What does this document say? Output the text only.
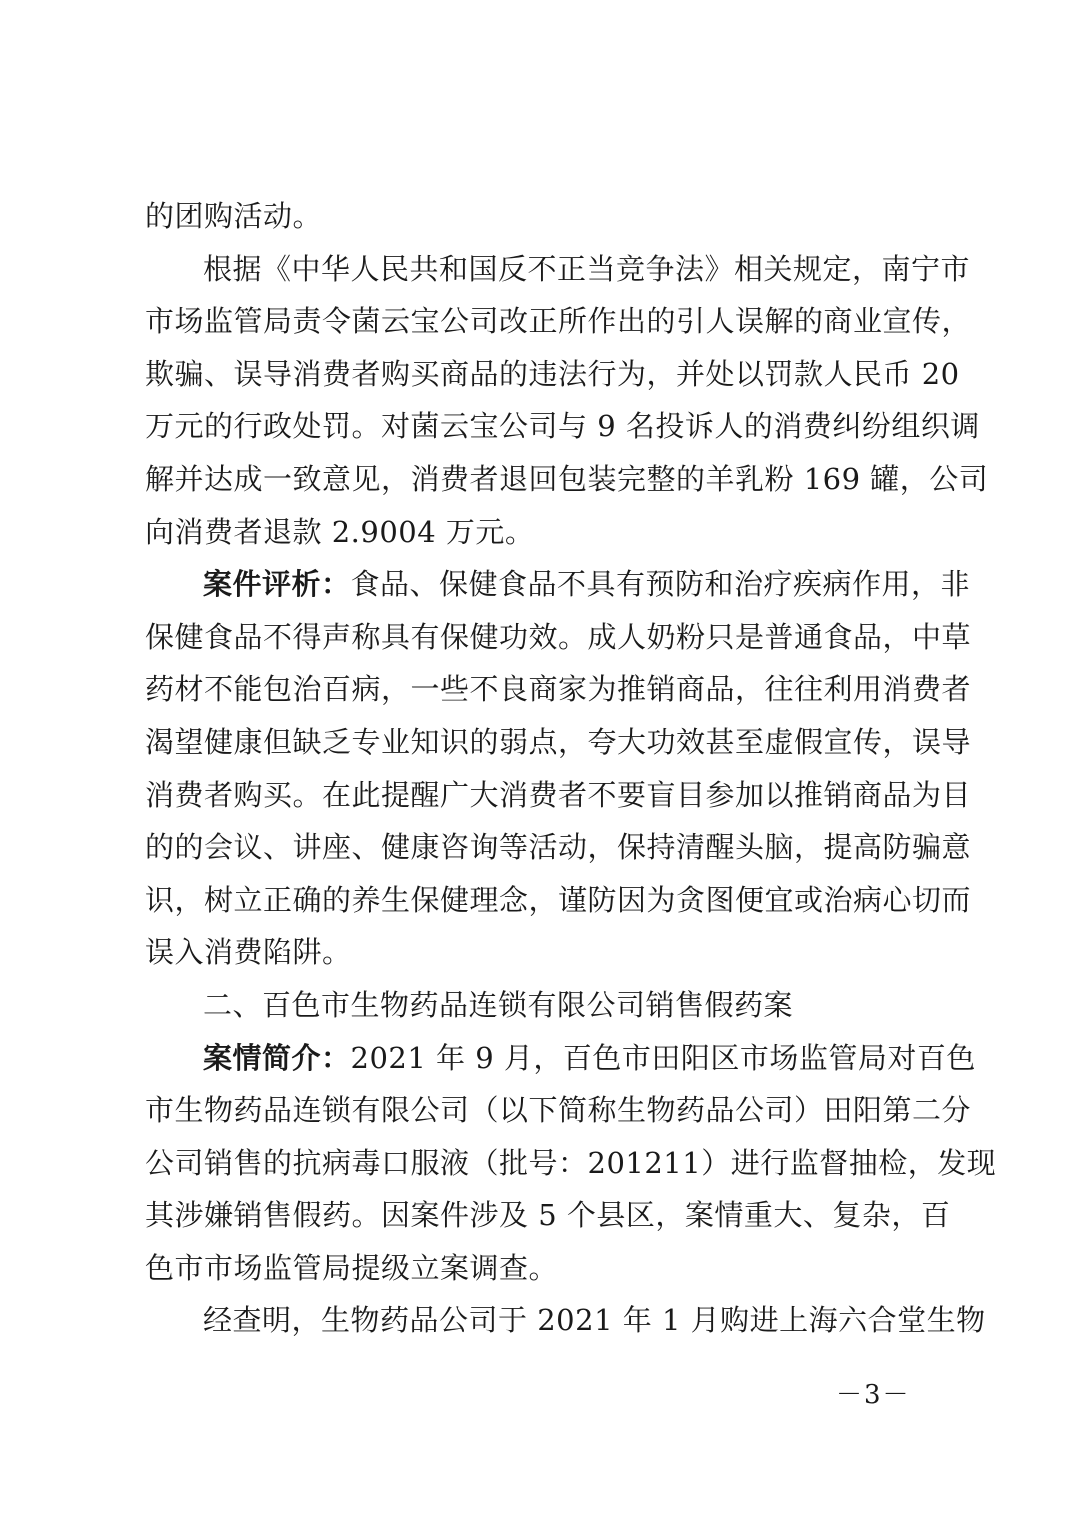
的团购活动。
根据《中华人民共和国反不正当竞争法》相关规定，南宁市
市场监管局责令菌云宝公司改正所作出的引人误解的商业宣传，
欺骗、误导消费者购买商品的违法行为，并处以罚款人民币 20
万元的行政处罚。对菌云宝公司与 9 名投诉人的消费纠纷组织调
解并达成一致意见，消费者退回包装完整的羊乳粉 169 罐，公司
向消费者退款 2.9004 万元。
案件评析：食品、保健食品不具有预防和治疗疾病作用，非
保健食品不得声称具有保健功效。成人奶粉只是普通食品，中草
药材不能包治百病，一些不良商家为推销商品，往往利用消费者
渴望健康但缺乏专业知识的弱点，夸大功效甚至虚假宣传，误导
消费者购买。在此提醒广大消费者不要盲目参加以推销商品为目
的的会议、讲座、健康咨询等活动，保持清醒头脑，提高防骗意
识，树立正确的养生保健理念，谨防因为贪图便宜或治病心切而
误入消费陷阱。
二、百色市生物药品连锁有限公司销售假药案
案情简介：2021 年 9 月，百色市田阳区市场监管局对百色
市生物药品连锁有限公司（以下简称生物药品公司）田阳第二分
公司销售的抗病毒口服液（批号：201211）进行监督抽检，发现
其涉嫌销售假药。因案件涉及 5 个县区，案情重大、复杂，百
色市市场监管局提级立案调查。
经查明，生物药品公司于 2021 年 1 月购进上海六合堂生物
－3－
